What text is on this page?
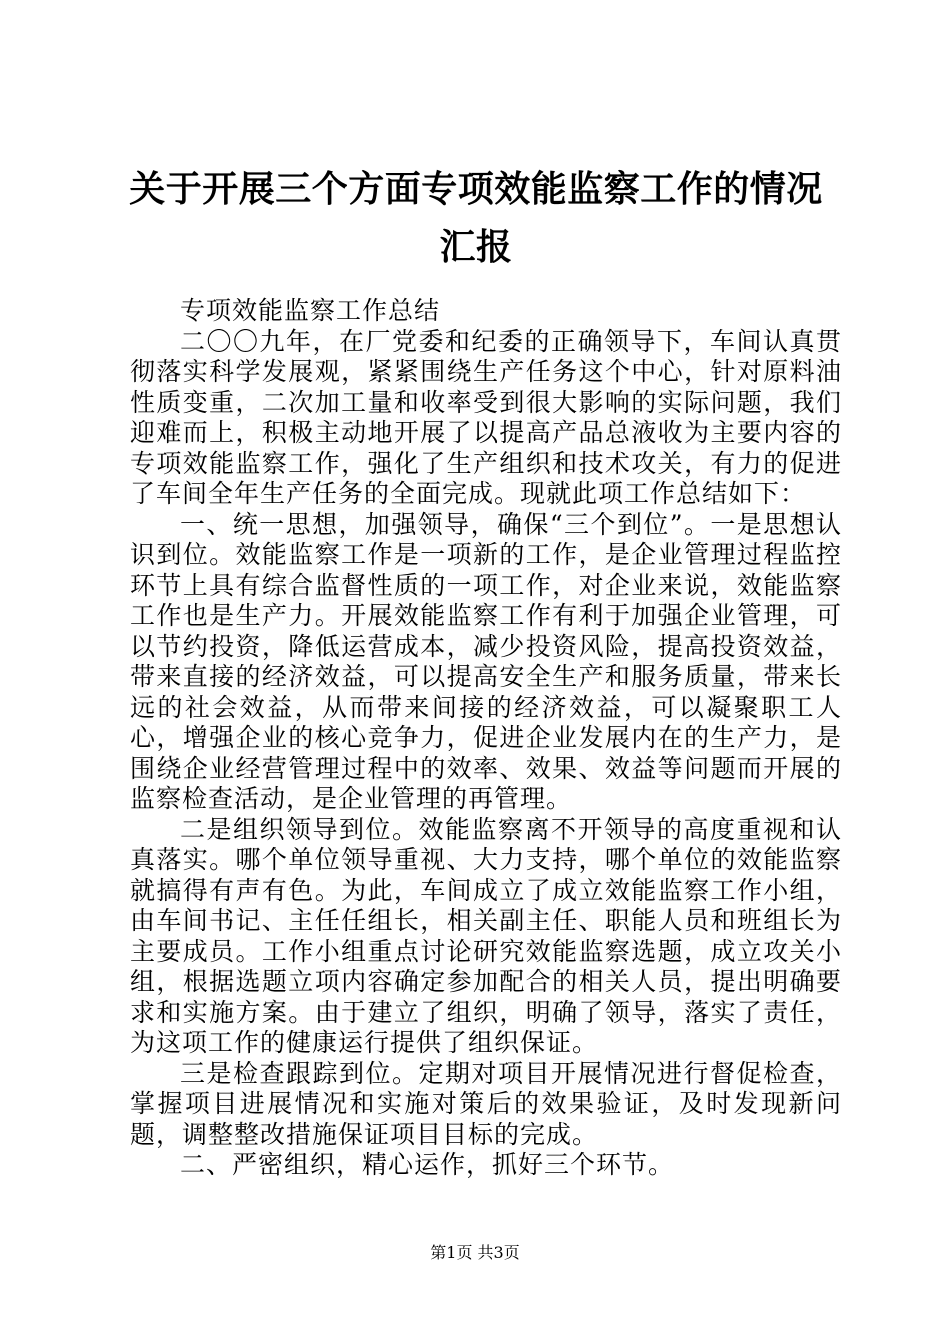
关于开展三个方面专项效能监察工作的情况汇报

专项效能监察工作总结

二〇〇九年，在厂党委和纪委的正确领导下，车间认真贯彻落实科学发展观，紧紧围绕生产任务这个中心，针对原料油性质变重，二次加工量和收率受到很大影响的实际问题，我们迎难而上，积极主动地开展了以提高产品总液收为主要内容的专项效能监察工作，强化了生产组织和技术攻关，有力的促进了车间全年生产任务的全面完成。现就此项工作总结如下：

一、统一思想，加强领导，确保“三个到位”。一是思想认识到位。效能监察工作是一项新的工作，是企业管理过程监控环节上具有综合监督性质的一项工作，对企业来说，效能监察工作也是生产力。开展效能监察工作有利于加强企业管理，可以节约投资，降低运营成本，减少投资风险，提高投资效益，带来直接的经济效益，可以提高安全生产和服务质量，带来长远的社会效益，从而带来间接的经济效益，可以凝聚职工人心，增强企业的核心竞争力，促进企业发展内在的生产力，是围绕企业经营管理过程中的效率、效果、效益等问题而开展的监察检查活动，是企业管理的再管理。

二是组织领导到位。效能监察离不开领导的高度重视和认真落实。哪个单位领导重视、大力支持，哪个单位的效能监察就搞得有声有色。为此，车间成立了成立效能监察工作小组，由车间书记、主任任组长，相关副主任、职能人员和班组长为主要成员。工作小组重点讨论研究效能监察选题，成立攻关小组，根据选题立项内容确定参加配合的相关人员，提出明确要求和实施方案。由于建立了组织，明确了领导，落实了责任，为这项工作的健康运行提供了组织保证。

三是检查跟踪到位。定期对项目开展情况进行督促检查，掌握项目进展情况和实施对策后的效果验证，及时发现新问题，调整整改措施保证项目目标的完成。

二、严密组织，精心运作，抓好三个环节。

第1页 共3页
